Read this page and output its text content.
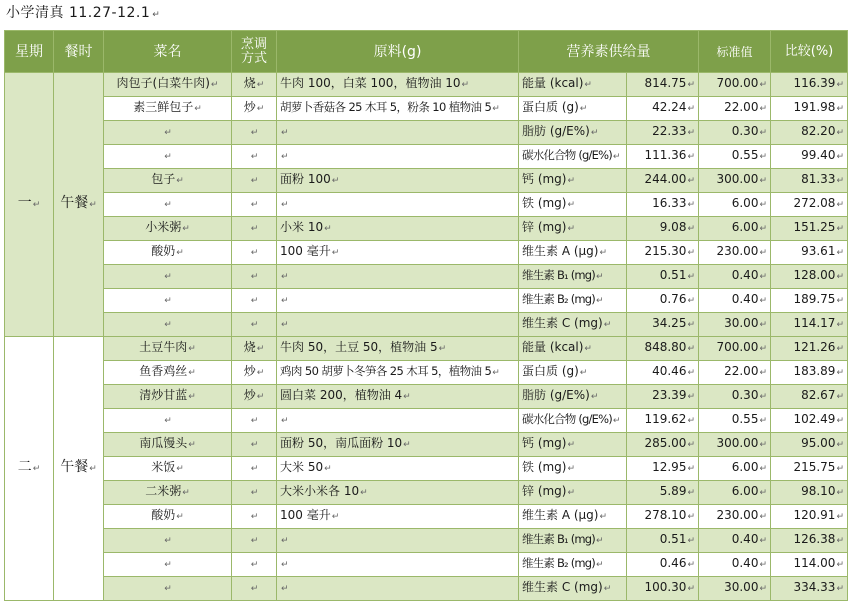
小学清真 11.27-12.1 ↵
星期	餐时	菜名	烹调方式	原料(g)	营养素供给量		标准值	比较(%)
一↵	午餐↵	肉包子(白菜牛肉)↵	烧↵	牛肉 100，白菜 100，植物油 10↵	能量 (kcal)↵	814.75↵	700.00↵	116.39↵
		素三鲜包子↵	炒↵	胡萝卜香菇各 25 木耳 5，粉条 10 植物油 5↵	蛋白质 (g)↵	42.24↵	22.00↵	191.98↵
		↵	↵	↵	脂肪 (g/E%)↵	22.33↵	0.30↵	82.20↵
		↵	↵	↵	碳水化合物 (g/E%)↵	111.36↵	0.55↵	99.40↵
		包子↵	↵	面粉 100↵	钙 (mg)↵	244.00↵	300.00↵	81.33↵
		↵	↵	↵	铁 (mg)↵	16.33↵	6.00↵	272.08↵
		小米粥↵	↵	小米 10↵	锌 (mg)↵	9.08↵	6.00↵	151.25↵
		酸奶↵	↵	100 毫升↵	维生素 A (μg)↵	215.30↵	230.00↵	93.61↵
		↵	↵	↵	维生素 B₁ (mg)↵	0.51↵	0.40↵	128.00↵
		↵	↵	↵	维生素 B₂ (mg)↵	0.76↵	0.40↵	189.75↵
		↵	↵	↵	维生素 C (mg)↵	34.25↵	30.00↵	114.17↵
二↵	午餐↵	土豆牛肉↵	烧↵	牛肉 50，土豆 50，植物油 5↵	能量 (kcal)↵	848.80↵	700.00↵	121.26↵
		鱼香鸡丝↵	炒↵	鸡肉 50 胡萝卜冬笋各 25 木耳 5，植物油 5↵	蛋白质 (g)↵	40.46↵	22.00↵	183.89↵
		清炒甘蓝↵	炒↵	圆白菜 200，植物油 4↵	脂肪 (g/E%)↵	23.39↵	0.30↵	82.67↵
		↵	↵	↵	碳水化合物 (g/E%)↵	119.62↵	0.55↵	102.49↵
		南瓜馒头↵	↵	面粉 50，南瓜面粉 10↵	钙 (mg)↵	285.00↵	300.00↵	95.00↵
		米饭↵	↵	大米 50↵	铁 (mg)↵	12.95↵	6.00↵	215.75↵
		二米粥↵	↵	大米小米各 10↵	锌 (mg)↵	5.89↵	6.00↵	98.10↵
		酸奶↵	↵	100 毫升↵	维生素 A (μg)↵	278.10↵	230.00↵	120.91↵
		↵	↵	↵	维生素 B₁ (mg)↵	0.51↵	0.40↵	126.38↵
		↵	↵	↵	维生素 B₂ (mg)↵	0.46↵	0.40↵	114.00↵
		↵	↵	↵	维生素 C (mg)↵	100.30↵	30.00↵	334.33↵
